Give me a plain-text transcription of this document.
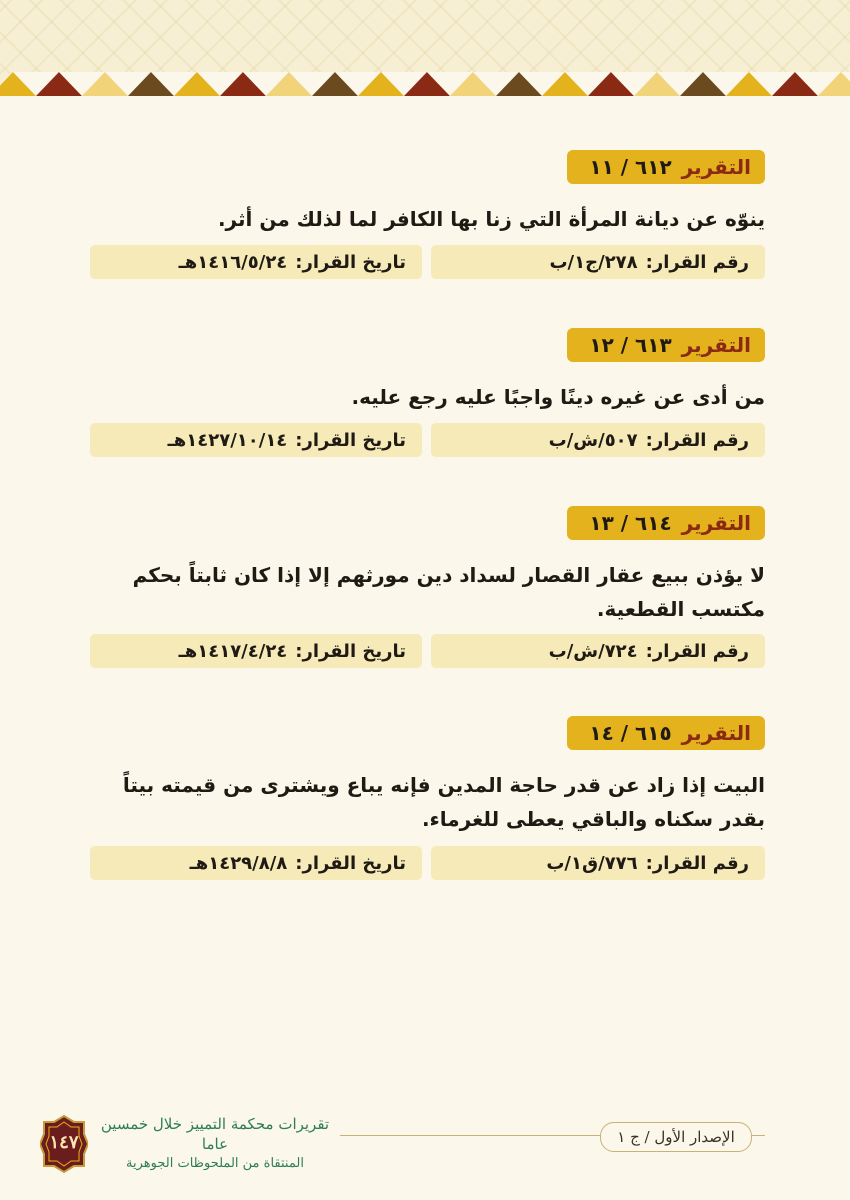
التقرير
٦١٢ / ١١
ينوّه عن ديانة المرأة التي زنا بها الكافر لما لذلك من أثر.
رقم القرار:
٢٧٨/ج١/ب
تاريخ القرار:
١٤١٦/٥/٢٤هـ
التقرير
٦١٣ / ١٢
من أدى عن غيره دينًا واجبًا عليه رجع عليه.
رقم القرار:
٥٠٧/ش/ب
تاريخ القرار:
١٤٢٧/١٠/١٤هـ
التقرير
٦١٤ / ١٣
لا يؤذن ببيع عقار القصار لسداد دين مورثهم إلا إذا كان ثابتاً بحكم مكتسب القطعية.
رقم القرار:
٧٢٤/ش/ب
تاريخ القرار:
١٤١٧/٤/٢٤هـ
التقرير
٦١٥ / ١٤
البيت إذا زاد عن قدر حاجة المدين فإنه يباع ويشترى من قيمته بيتاً بقدر سكناه والباقي يعطى للغرماء.
رقم القرار:
٧٧٦/ق١/ب
تاريخ القرار:
١٤٢٩/٨/٨هـ
١٤٧
تقريرات محكمة التمييز خلال خمسين عاما
المنتقاة من الملحوظات الجوهرية
الإصدار الأول / ج ١
